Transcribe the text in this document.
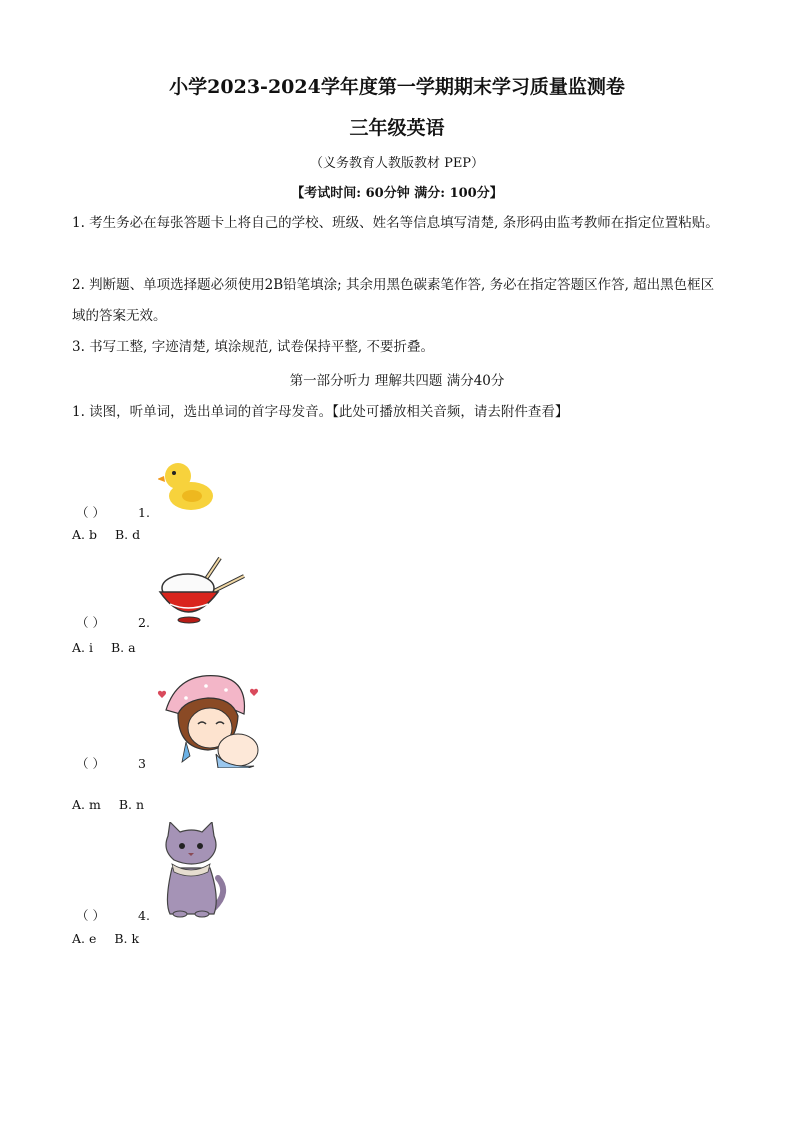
小学2023-2024学年度第一学期期末学习质量监测卷
三年级英语
（义务教育人教版教材 PEP）
【考试时间: 60分钟 满分: 100分】
1. 考生务必在每张答题卡上将自己的学校、班级、姓名等信息填写清楚, 条形码由监考教师在指定位置粘贴。
2. 判断题、单项选择题必须使用2B铅笔填涂; 其余用黑色碳素笔作答, 务必在指定答题区作答, 超出黑色框区域的答案无效。
3. 书写工整, 字迹清楚, 填涂规范, 试卷保持平整, 不要折叠。
第一部分听力 理解共四题 满分40分
1. 读图，听单词，选出单词的首字母发音。【此处可播放相关音频，请去附件查看】
（ ）	1.
A. b B. d
（ ）	2.
A. i B. a
（ ）	3
A. m B. n
（ ）	4.
A. e B. k
